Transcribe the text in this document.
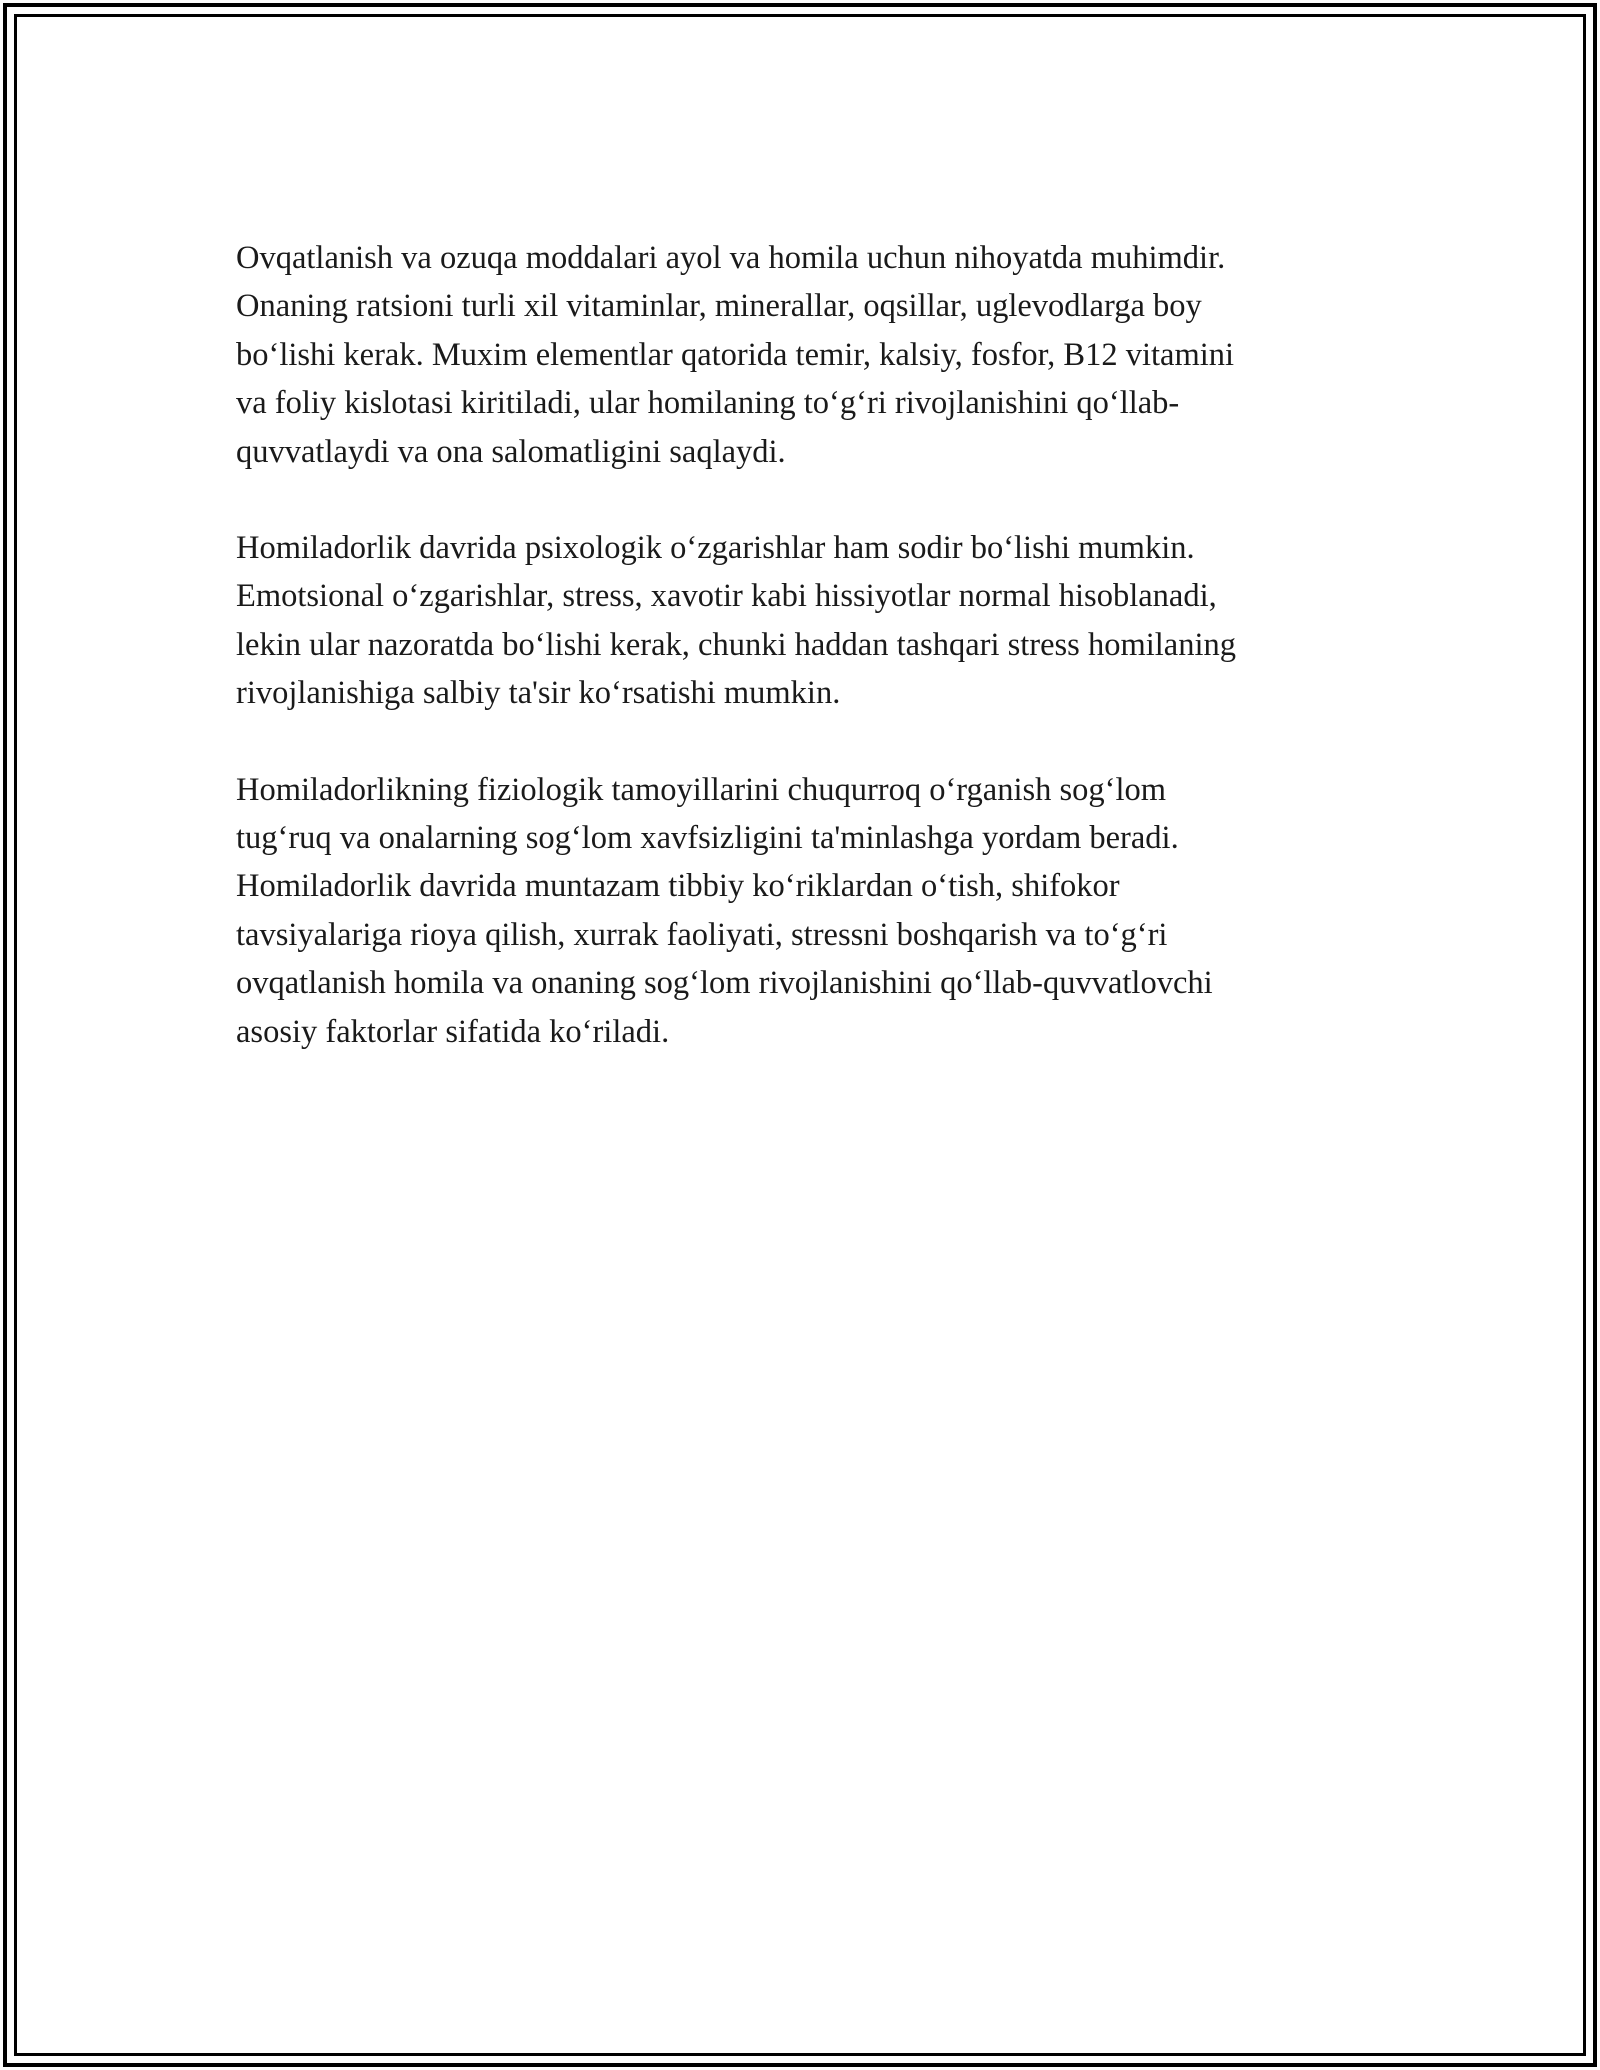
Ovqatlanish va ozuqa moddalari ayol va homila uchun nihoyatda muhimdir.
Onaning ratsioni turli xil vitaminlar, minerallar, oqsillar, uglevodlarga boy
bo‘lishi kerak. Muxim elementlar qatorida temir, kalsiy, fosfor, B12 vitamini
va foliy kislotasi kiritiladi, ular homilaning to‘g‘ri rivojlanishini qo‘llab-
quvvatlaydi va ona salomatligini saqlaydi.

Homiladorlik davrida psixologik o‘zgarishlar ham sodir bo‘lishi mumkin.
Emotsional o‘zgarishlar, stress, xavotir kabi hissiyotlar normal hisoblanadi,
lekin ular nazoratda bo‘lishi kerak, chunki haddan tashqari stress homilaning
rivojlanishiga salbiy ta'sir ko‘rsatishi mumkin.

Homiladorlikning fiziologik tamoyillarini chuqurroq o‘rganish sog‘lom
tug‘ruq va onalarning sog‘lom xavfsizligini ta'minlashga yordam beradi.
Homiladorlik davrida muntazam tibbiy ko‘riklardan o‘tish, shifokor
tavsiyalariga rioya qilish, xurrak faoliyati, stressni boshqarish va to‘g‘ri
ovqatlanish homila va onaning sog‘lom rivojlanishini qo‘llab-quvvatlovchi
asosiy faktorlar sifatida ko‘riladi.
